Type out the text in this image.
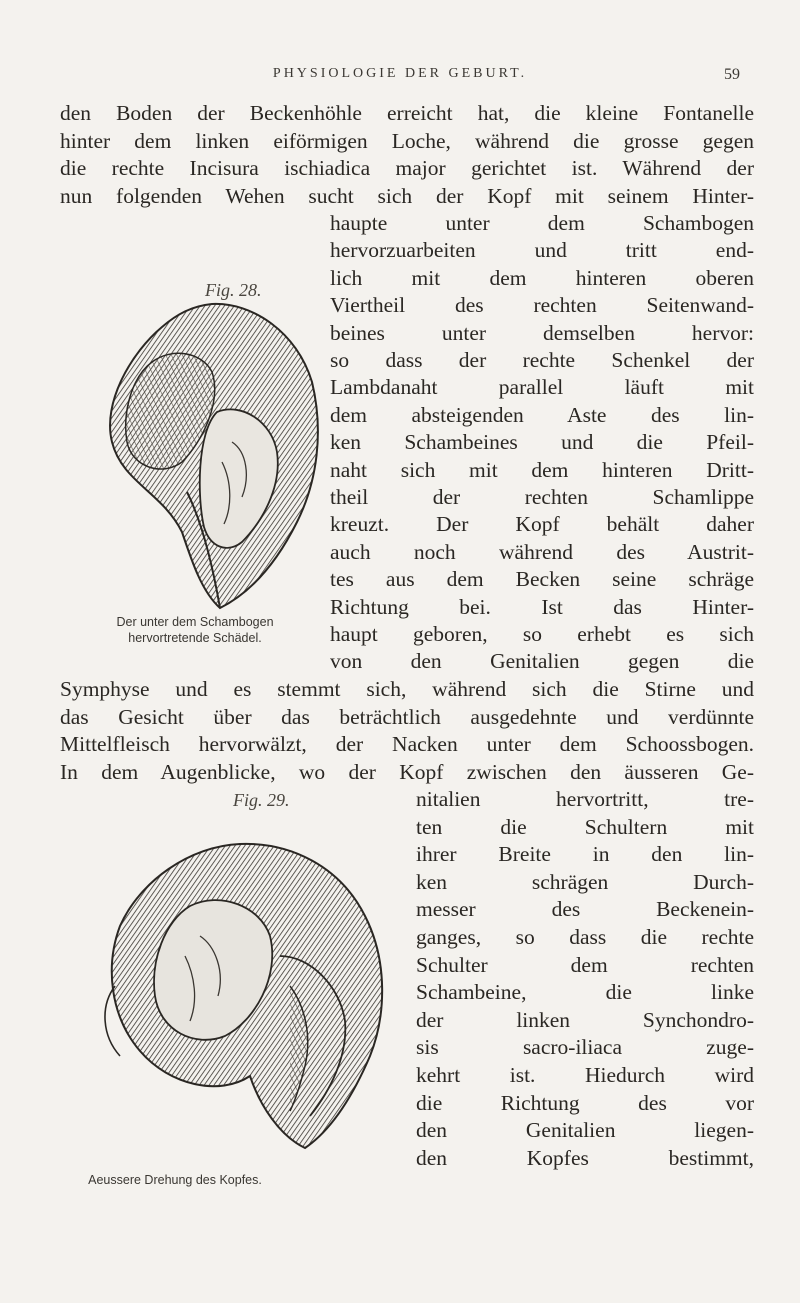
PHYSIOLOGIE DER GEBURT.	59
den Boden der Beckenhöhle erreicht hat, die kleine Fontanelle
hinter dem linken eiförmigen Loche, während die grosse gegen
die rechte Incisura ischiadica major gerichtet ist. Während der
nun folgenden Wehen sucht sich der Kopf mit seinem Hinter-
Fig. 28.
Der unter dem Schambogen
hervortretende Schädel.
haupte unter dem Schambogen
hervorzuarbeiten und tritt end-
lich mit dem hinteren oberen
Viertheil des rechten Seitenwand-
beines unter demselben hervor:
so dass der rechte Schenkel der
Lambdanaht parallel läuft mit
dem absteigenden Aste des lin-
ken Schambeines und die Pfeil-
naht sich mit dem hinteren Dritt-
theil der rechten Schamlippe
kreuzt. Der Kopf behält daher
auch noch während des Austrit-
tes aus dem Becken seine schräge
Richtung bei. Ist das Hinter-
haupt geboren, so erhebt es sich
von den Genitalien gegen die
Symphyse und es stemmt sich, während sich die Stirne und
das Gesicht über das beträchtlich ausgedehnte und verdünnte
Mittelfleisch hervorwälzt, der Nacken unter dem Schoossbogen.
In dem Augenblicke, wo der Kopf zwischen den äusseren Ge-
Fig. 29.
Aeussere Drehung des Kopfes.
nitalien hervortritt, tre-
ten die Schultern mit
ihrer Breite in den lin-
ken schrägen Durch-
messer des Beckenein-
ganges, so dass die rechte
Schulter dem rechten
Schambeine, die linke
der linken Synchondro-
sis sacro-iliaca zuge-
kehrt ist. Hiedurch wird
die Richtung des vor
den Genitalien liegen-
den Kopfes bestimmt,
